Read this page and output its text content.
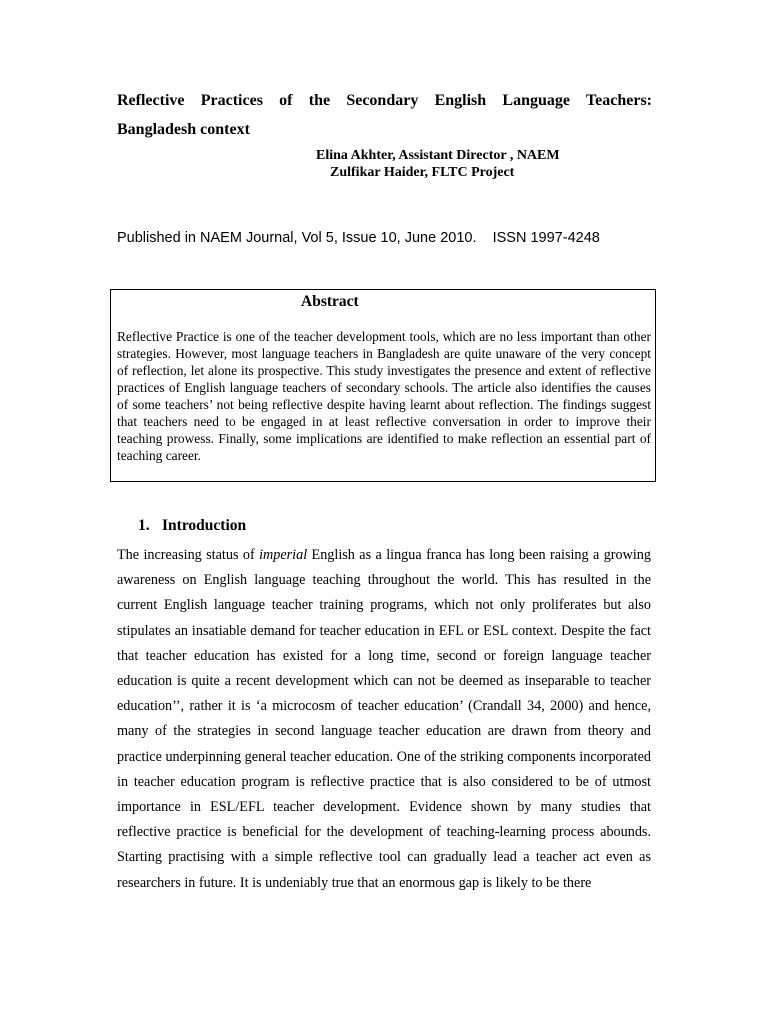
Reflective Practices of the Secondary English Language Teachers:
Bangladesh context
Elina Akhter, Assistant Director , NAEM
Zulfikar Haider, FLTC Project
Published in NAEM Journal, Vol 5, Issue 10, June 2010.    ISSN 1997-4248
Abstract

Reflective Practice is one of the teacher development tools, which are no less important than other strategies. However, most language teachers in Bangladesh are quite unaware of the very concept of reflection, let alone its prospective. This study investigates the presence and extent of reflective practices of English language teachers of secondary schools. The article also identifies the causes of some teachers’ not being reflective despite having learnt about reflection. The findings suggest that teachers need to be engaged in at least reflective conversation in order to improve their teaching prowess. Finally, some implications are identified to make reflection an essential part of teaching career.

1. Introduction

The increasing status of imperial English as a lingua franca has long been raising a growing awareness on English language teaching throughout the world. This has resulted in the current English language teacher training programs, which not only proliferates but also stipulates an insatiable demand for teacher education in EFL or ESL context. Despite the fact that teacher education has existed for a long time, second or foreign language teacher education is quite a recent development which can not be deemed as inseparable to teacher education’’, rather it is ‘a microcosm of teacher education’ (Crandall 34, 2000) and hence, many of the strategies in second language teacher education are drawn from theory and practice underpinning general teacher education. One of the striking components incorporated in teacher education program is reflective practice that is also considered to be of utmost importance in ESL/EFL teacher development. Evidence shown by many studies that reflective practice is beneficial for the development of teaching-learning process abounds. Starting practising with a simple reflective tool can gradually lead a teacher act even as researchers in future. It is undeniably true that an enormous gap is likely to be there
